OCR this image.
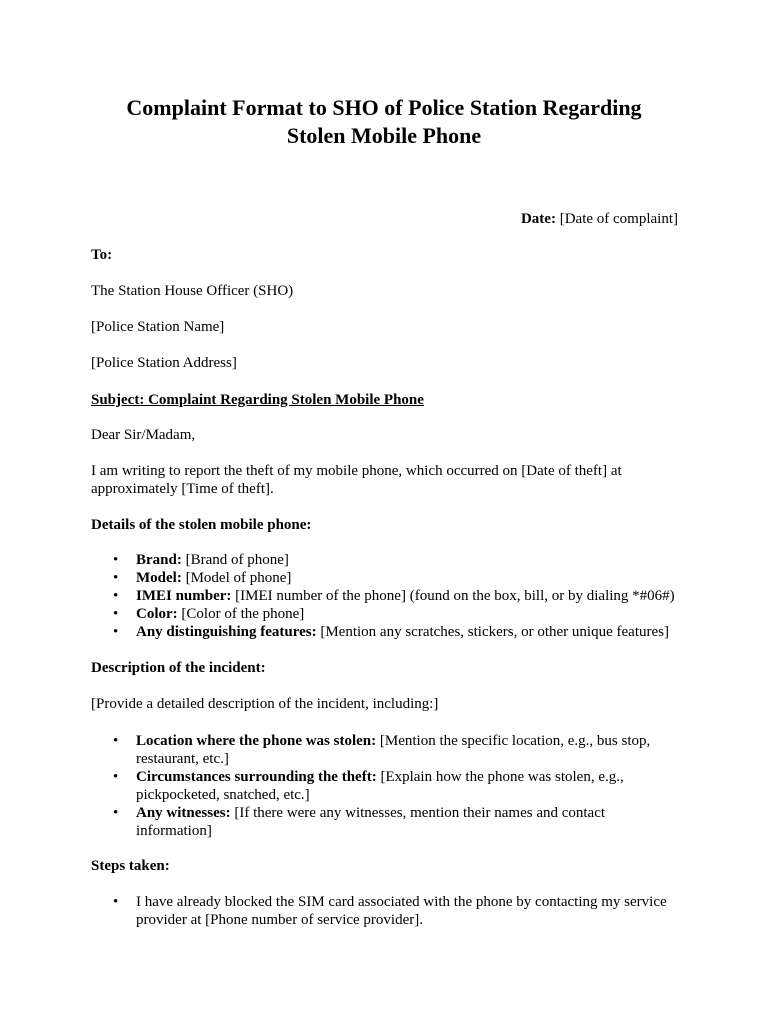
Complaint Format to SHO of Police Station Regarding
Stolen Mobile Phone
Date: [Date of complaint]
To:
The Station House Officer (SHO)
[Police Station Name]
[Police Station Address]
Subject: Complaint Regarding Stolen Mobile Phone
Dear Sir/Madam,
I am writing to report the theft of my mobile phone, which occurred on [Date of theft] at
approximately [Time of theft].
Details of the stolen mobile phone:
• Brand: [Brand of phone]
• Model: [Model of phone]
• IMEI number: [IMEI number of the phone] (found on the box, bill, or by dialing *#06#)
• Color: [Color of the phone]
• Any distinguishing features: [Mention any scratches, stickers, or other unique features]
Description of the incident:
[Provide a detailed description of the incident, including:]
• Location where the phone was stolen: [Mention the specific location, e.g., bus stop,
restaurant, etc.]
• Circumstances surrounding the theft: [Explain how the phone was stolen, e.g.,
pickpocketed, snatched, etc.]
• Any witnesses: [If there were any witnesses, mention their names and contact
information]
Steps taken:
• I have already blocked the SIM card associated with the phone by contacting my service
provider at [Phone number of service provider].
